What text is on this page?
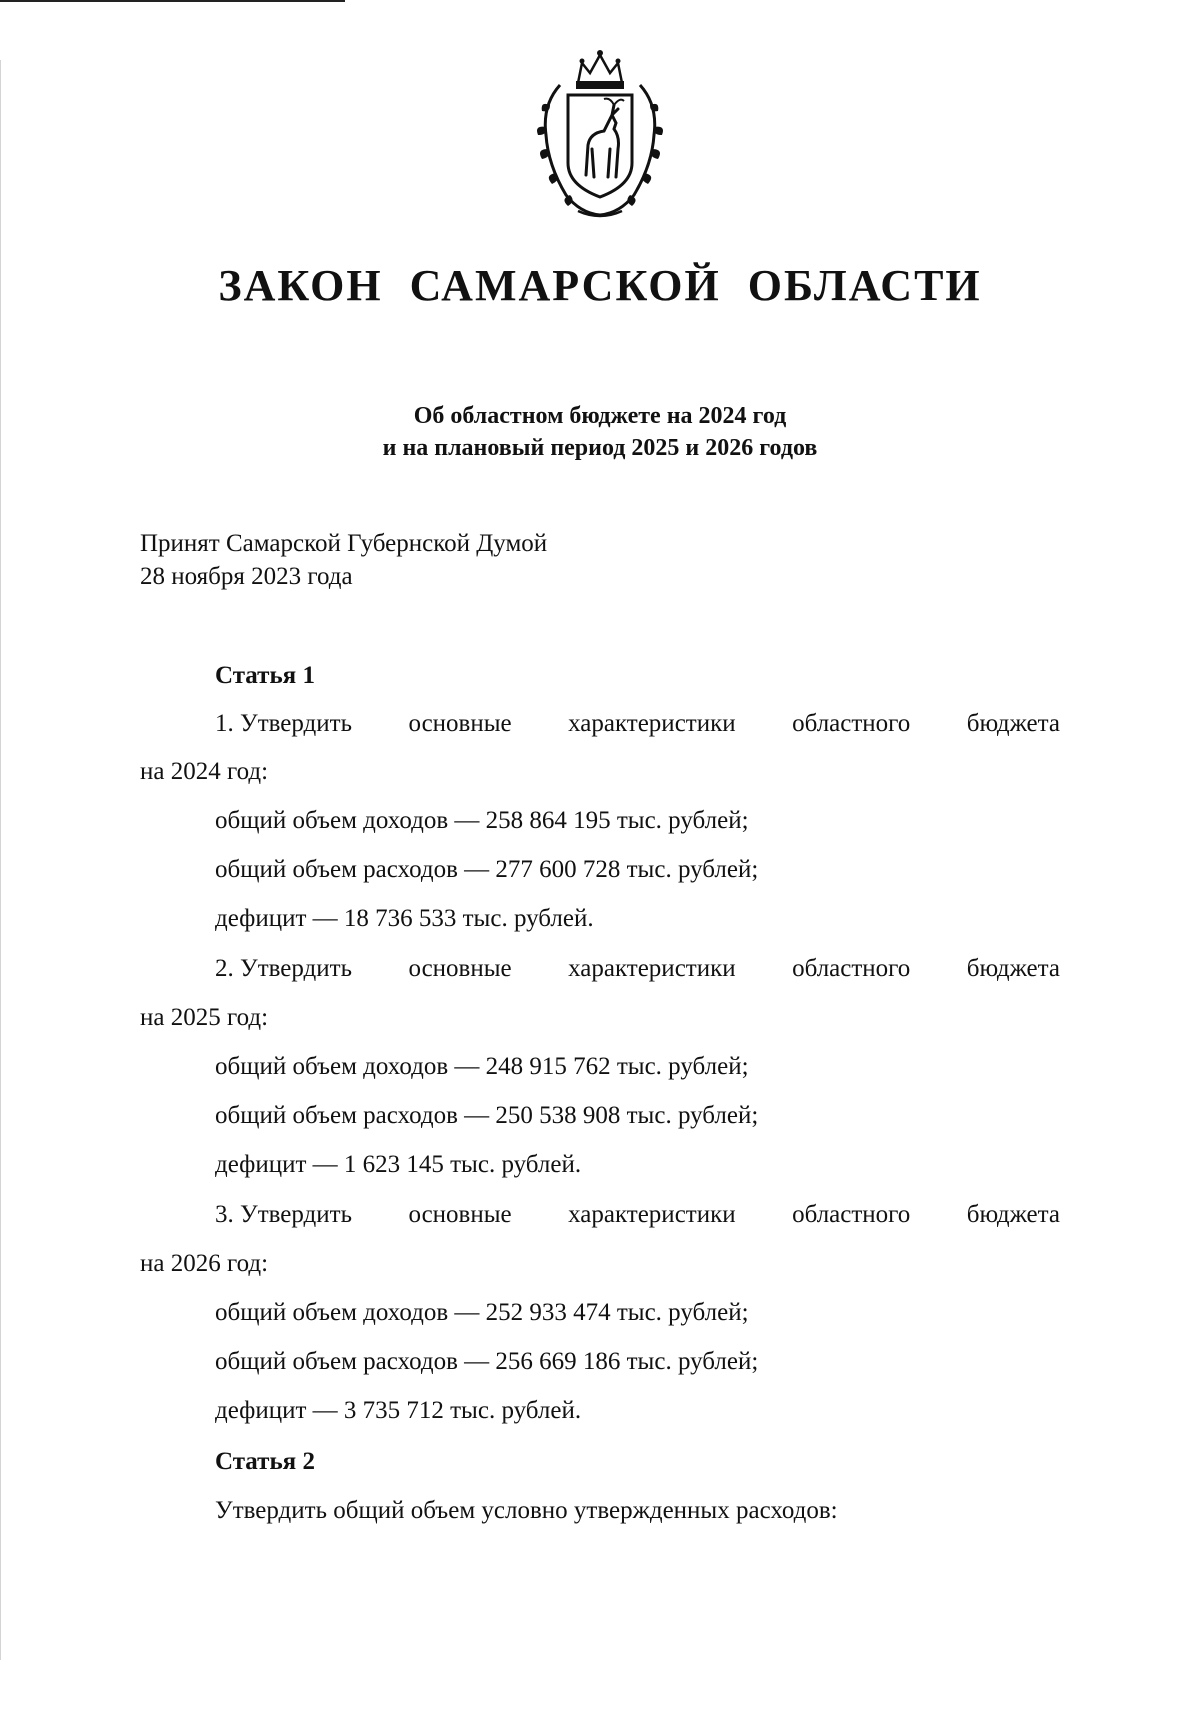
ЗАКОН САМАРСКОЙ ОБЛАСТИ
Об областном бюджете на 2024 год
и на плановый период 2025 и 2026 годов
Принят Самарской Губернской Думой
28 ноября 2023 года
Статья 1
1. Утвердить основные характеристики областного бюджета
на 2024 год:
общий объем доходов — 258 864 195 тыс. рублей;
общий объем расходов — 277 600 728 тыс. рублей;
дефицит — 18 736 533 тыс. рублей.
2. Утвердить основные характеристики областного бюджета
на 2025 год:
общий объем доходов — 248 915 762 тыс. рублей;
общий объем расходов — 250 538 908 тыс. рублей;
дефицит — 1 623 145 тыс. рублей.
3. Утвердить основные характеристики областного бюджета
на 2026 год:
общий объем доходов — 252 933 474 тыс. рублей;
общий объем расходов — 256 669 186 тыс. рублей;
дефицит — 3 735 712 тыс. рублей.
Статья 2
Утвердить общий объем условно утвержденных расходов:
